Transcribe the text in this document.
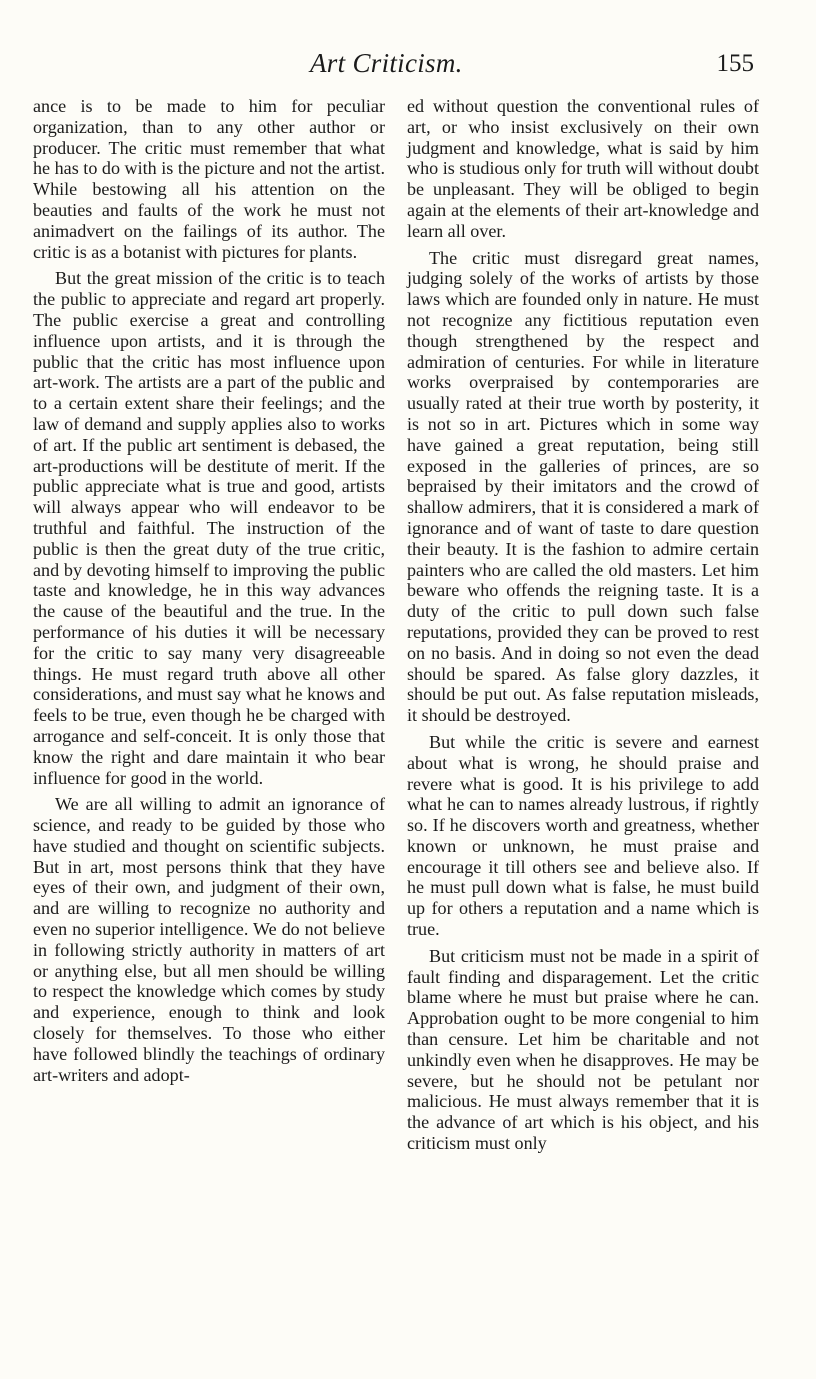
Art Criticism.	155

ance is to be made to him for peculiar organization, than to any other author or producer. The critic must remember that what he has to do with is the picture and not the artist. While bestowing all his attention on the beauties and faults of the work he must not animadvert on the failings of its author. The critic is as a botanist with pictures for plants.

But the great mission of the critic is to teach the public to appreciate and regard art properly. The public exercise a great and controlling influence upon artists, and it is through the public that the critic has most influence upon art-work. The artists are a part of the public and to a certain extent share their feelings; and the law of demand and supply applies also to works of art. If the public art sentiment is debased, the art-productions will be destitute of merit. If the public appreciate what is true and good, artists will always appear who will endeavor to be truthful and faithful. The instruction of the public is then the great duty of the true critic, and by devoting himself to improving the public taste and knowledge, he in this way advances the cause of the beautiful and the true. In the performance of his duties it will be necessary for the critic to say many very disagreeable things. He must regard truth above all other considerations, and must say what he knows and feels to be true, even though he be charged with arrogance and self-conceit. It is only those that know the right and dare maintain it who bear influence for good in the world.

We are all willing to admit an ignorance of science, and ready to be guided by those who have studied and thought on scientific subjects. But in art, most persons think that they have eyes of their own, and judgment of their own, and are willing to recognize no authority and even no superior intelligence. We do not believe in following strictly authority in matters of art or anything else, but all men should be willing to respect the knowledge which comes by study and experience, enough to think and look closely for themselves. To those who either have followed blindly the teachings of ordinary art-writers and adopt-

ed without question the conventional rules of art, or who insist exclusively on their own judgment and knowledge, what is said by him who is studious only for truth will without doubt be unpleasant. They will be obliged to begin again at the elements of their art-knowledge and learn all over.

The critic must disregard great names, judging solely of the works of artists by those laws which are founded only in nature. He must not recognize any fictitious reputation even though strengthened by the respect and admiration of centuries. For while in literature works overpraised by contemporaries are usually rated at their true worth by posterity, it is not so in art. Pictures which in some way have gained a great reputation, being still exposed in the galleries of princes, are so bepraised by their imitators and the crowd of shallow admirers, that it is considered a mark of ignorance and of want of taste to dare question their beauty. It is the fashion to admire certain painters who are called the old masters. Let him beware who offends the reigning taste. It is a duty of the critic to pull down such false reputations, provided they can be proved to rest on no basis. And in doing so not even the dead should be spared. As false glory dazzles, it should be put out. As false reputation misleads, it should be destroyed.

But while the critic is severe and earnest about what is wrong, he should praise and revere what is good. It is his privilege to add what he can to names already lustrous, if rightly so. If he discovers worth and greatness, whether known or unknown, he must praise and encourage it till others see and believe also. If he must pull down what is false, he must build up for others a reputation and a name which is true.

But criticism must not be made in a spirit of fault finding and disparagement. Let the critic blame where he must but praise where he can. Approbation ought to be more congenial to him than censure. Let him be charitable and not unkindly even when he disapproves. He may be severe, but he should not be petulant nor malicious. He must always remember that it is the advance of art which is his object, and his criticism must only
